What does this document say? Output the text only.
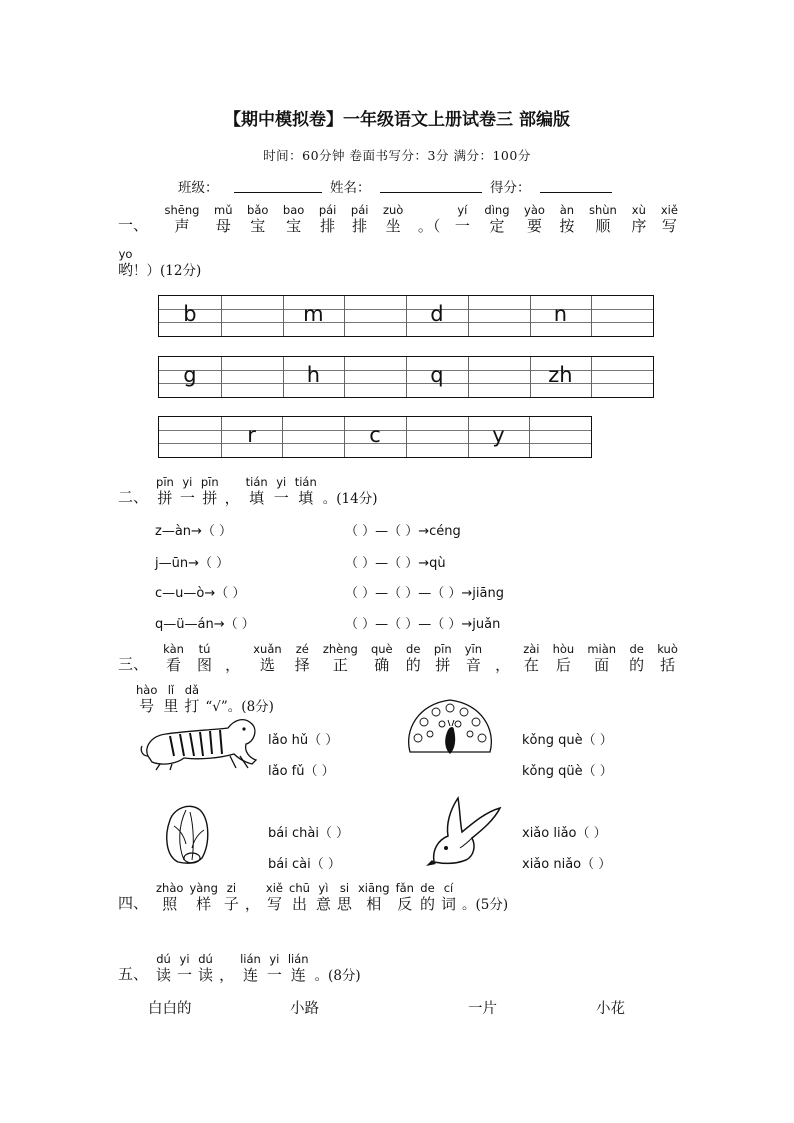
【期中模拟卷】一年级语文上册试卷三 部编版
时间：60分钟 卷面书写分：3分 满分：100分
班级：	姓名：	得分：
一、
shēng
声
mǔ
母
bǎo
宝
bao
宝
pái
排
pái
排
zuò
坐 。（
yí
一
dìng
定
yào
要
àn
按
shùn
顺
xù
序
xiě
写
yo
哟 ！）(12分)
b	m	d	n
g	h	q	zh
r	c	y
二、
pīn
拼
yi
一
pīn
拼 ，
tián
填
yi
一
tián
填 。(14分)
z—àn→（ ）	（ ）—（ ）→céng
j—ūn→（ ）	（ ）—（ ）→qù
c—u—ò→（ ）	（ ）—（ ）—（ ）→jiāng
q—ü—án→（ ）	（ ）—（ ）—（ ）→juǎn
三、
kàn
看
tú
图 ，
xuǎn
选
zé
择
zhèng
正
què
确
de
的
pīn
拼
yīn
音 ，
zài
在
hòu
后
miàn
面
de
的
kuò
括
hào
号
lǐ
里
dǎ
打 “√”。(8分)
lǎo hǔ（ ）
lǎo fǔ（ ）
kǒng què（ ）
kǒng qüè（ ）
bái chài（ ）
bái cài（ ）
xiǎo liǎo（ ）
xiǎo niǎo（ ）
四、
zhào
照
yàng
样
zi
子 ，
xiě
写
chū
出
yì
意
si
思
xiāng
相
fǎn
反
de
的
cí
词 。(5分)
五、
dú
读
yi
一
dú
读 ，
lián
连
yi
一
lián
连 。(8分)
白白的	小路	一片	小花
